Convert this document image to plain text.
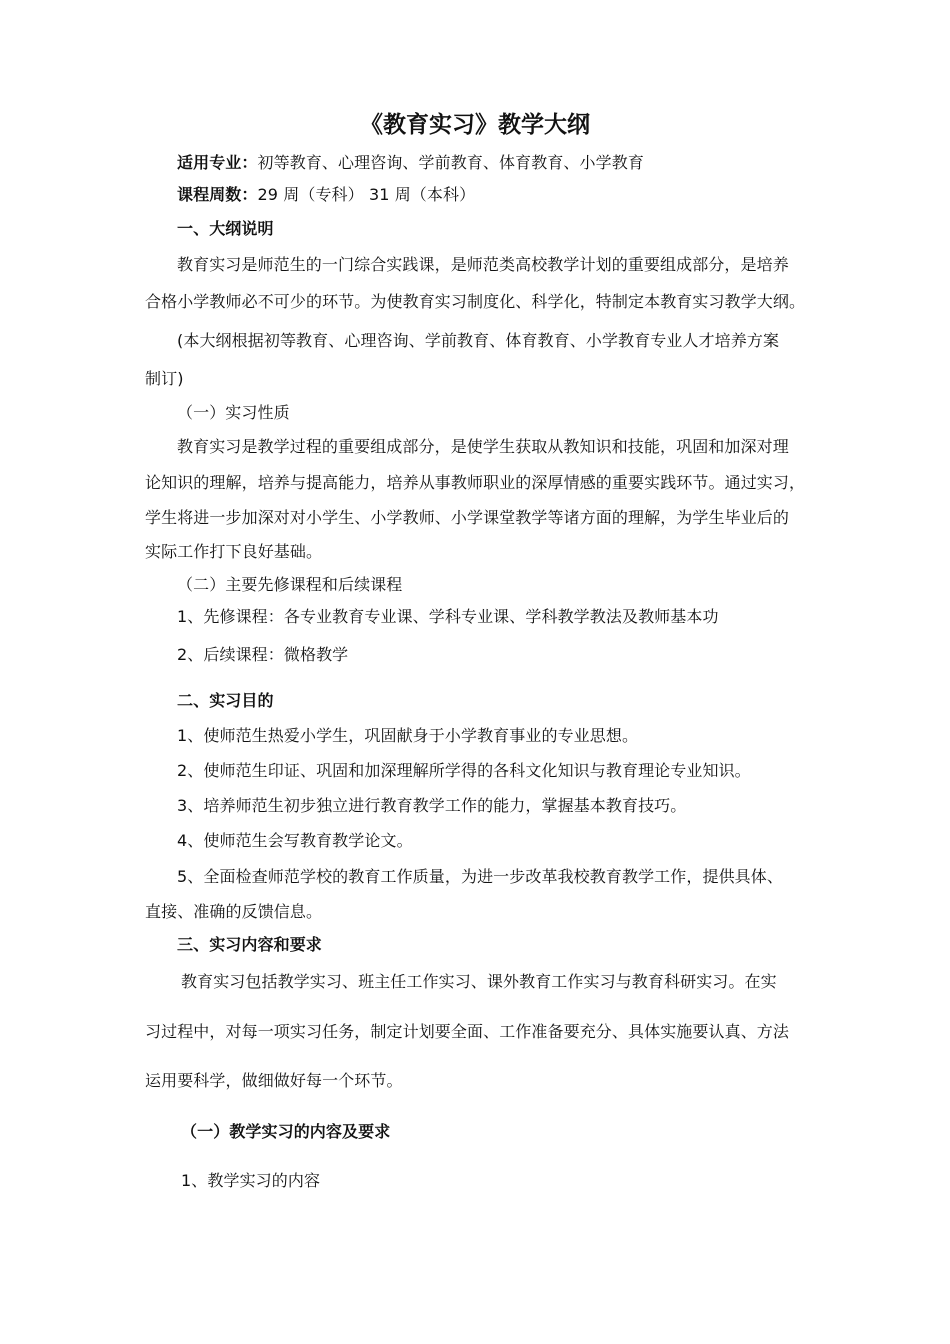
《教育实习》教学大纲

适用专业：初等教育、心理咨询、学前教育、体育教育、小学教育

课程周数：29 周（专科） 31 周（本科）

一、大纲说明

教育实习是师范生的一门综合实践课，是师范类高校教学计划的重要组成部分，是培养

合格小学教师必不可少的环节。为使教育实习制度化、科学化，特制定本教育实习教学大纲。

(本大纲根据初等教育、心理咨询、学前教育、体育教育、小学教育专业人才培养方案

制订)

（一）实习性质

教育实习是教学过程的重要组成部分，是使学生获取从教知识和技能，巩固和加深对理

论知识的理解，培养与提高能力，培养从事教师职业的深厚情感的重要实践环节。通过实习，

学生将进一步加深对对小学生、小学教师、小学课堂教学等诸方面的理解，为学生毕业后的

实际工作打下良好基础。

（二）主要先修课程和后续课程

1、先修课程：各专业教育专业课、学科专业课、学科教学教法及教师基本功

2、后续课程：微格教学

二、实习目的

1、使师范生热爱小学生，巩固献身于小学教育事业的专业思想。

2、使师范生印证、巩固和加深理解所学得的各科文化知识与教育理论专业知识。

3、培养师范生初步独立进行教育教学工作的能力，掌握基本教育技巧。

4、使师范生会写教育教学论文。

5、全面检查师范学校的教育工作质量，为进一步改革我校教育教学工作，提供具体、

直接、准确的反馈信息。

三、实习内容和要求

教育实习包括教学实习、班主任工作实习、课外教育工作实习与教育科研实习。在实

习过程中，对每一项实习任务，制定计划要全面、工作准备要充分、具体实施要认真、方法

运用要科学，做细做好每一个环节。

（一）教学实习的内容及要求

1、教学实习的内容
